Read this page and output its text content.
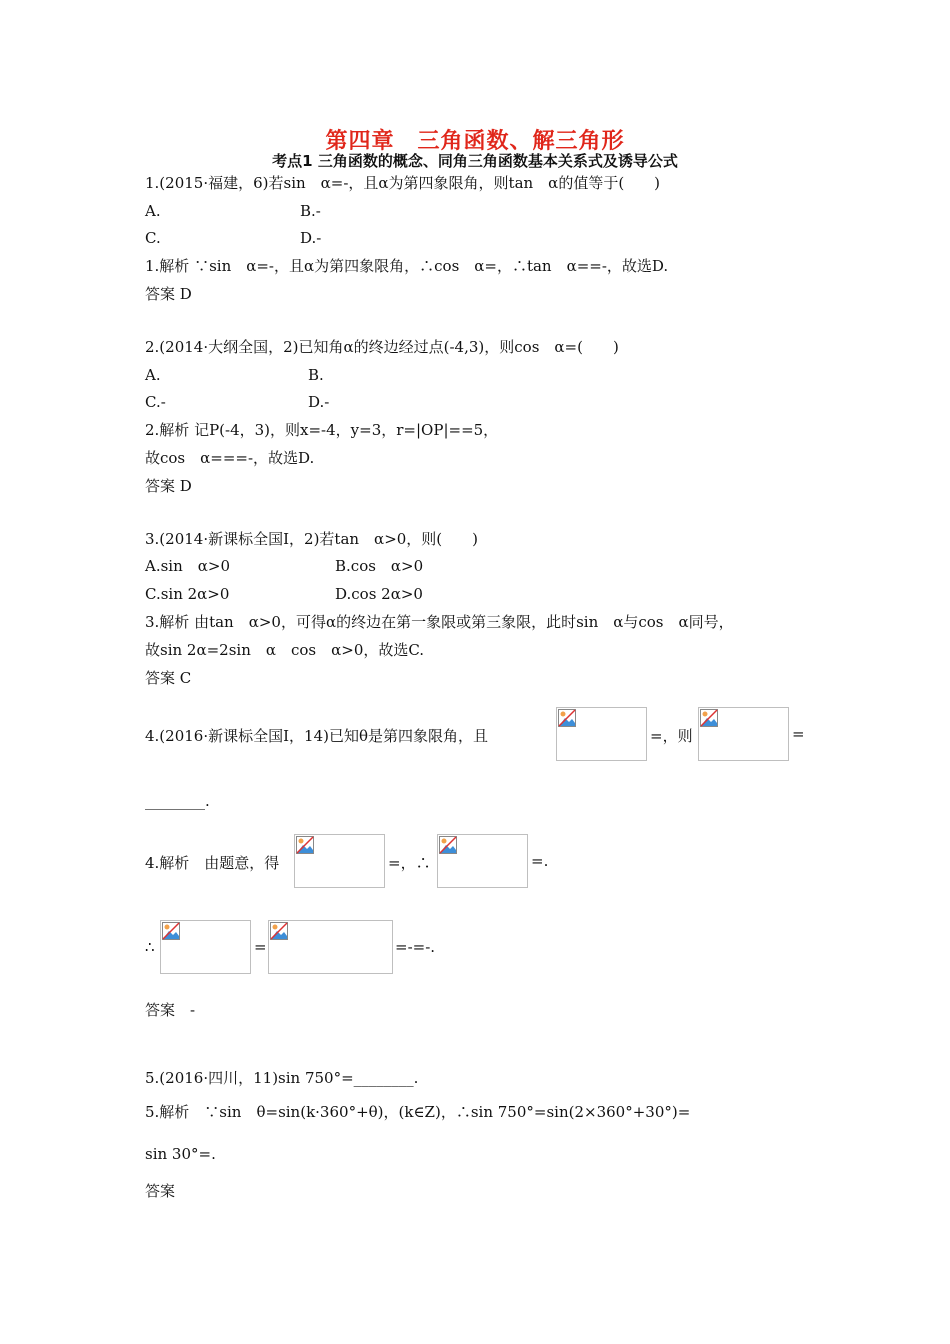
第四章　三角函数、解三角形
考点1 三角函数的概念、同角三角函数基本关系式及诱导公式
1.(2015·福建，6)若sin　α=-，且α为第四象限角，则tan　α的值等于(　　)
A.	B.-
C.	D.-
1.解析 ∵sin　α=-，且α为第四象限角，∴cos　α=，∴tan　α==-，故选D.
答案 D
2.(2014·大纲全国，2)已知角α的终边经过点(-4,3)，则cos　α=(　　)
A.	B.
C.-	D.-
2.解析 记P(-4，3)，则x=-4，y=3，r=|OP|==5，
故cos　α===-，故选D.
答案 D
3.(2014·新课标全国Ⅰ，2)若tan　α>0，则(　　)
A.sin　α>0	B.cos　α>0
C.sin 2α>0	D.cos 2α>0
3.解析 由tan　α>0，可得α的终边在第一象限或第三象限，此时sin　α与cos　α同号，
故sin 2α=2sin　α　cos　α>0，故选C.
答案 C
4.(2016·新课标全国Ⅰ，14)已知θ是第四象限角，且	=，则	=
________.
4.解析　由题意，得	=，∴	=.
∴	=	=-=-.
答案　-
5.(2016·四川，11)sin 750°=________.
5.解析　∵sin　θ=sin(k·360°+θ)，(k∈Z)，∴sin 750°=sin(2×360°+30°)=
sin 30°=.
答案
